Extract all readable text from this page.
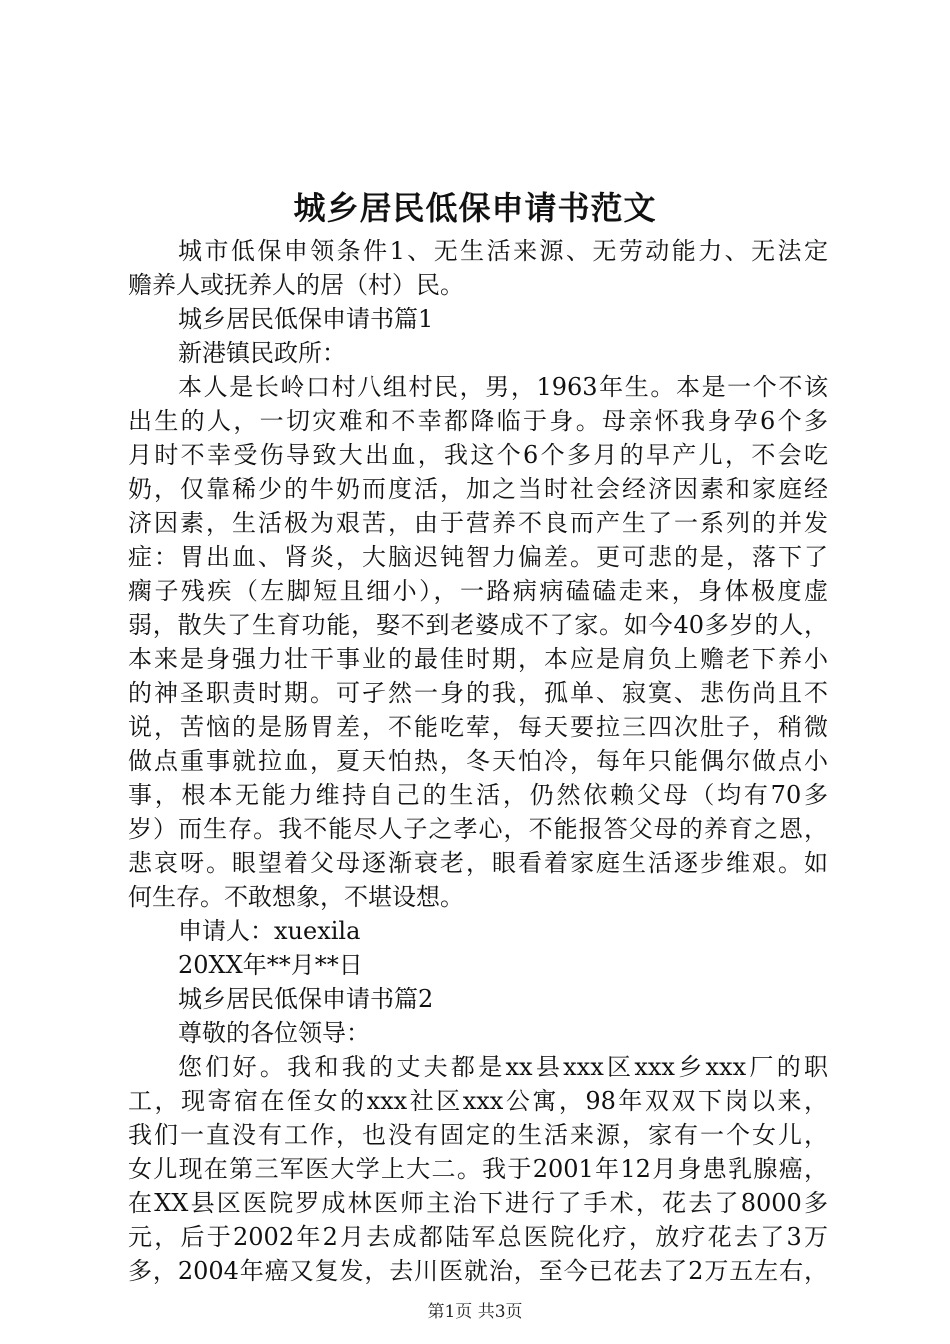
城乡居民低保申请书范文

城市低保申领条件1、无生活来源、无劳动能力、无法定

赡养人或抚养人的居（村）民。

城乡居民低保申请书篇1

新港镇民政所：

本人是长岭口村八组村民，男，1963年生。本是一个不该

出生的人，一切灾难和不幸都降临于身。母亲怀我身孕6个多

月时不幸受伤导致大出血，我这个6个多月的早产儿，不会吃

奶，仅靠稀少的牛奶而度活，加之当时社会经济因素和家庭经

济因素，生活极为艰苦，由于营养不良而产生了一系列的并发

症：胃出血、肾炎，大脑迟钝智力偏差。更可悲的是，落下了

瘸子残疾（左脚短且细小），一路病病磕磕走来，身体极度虚

弱，散失了生育功能，娶不到老婆成不了家。如今40多岁的人，

本来是身强力壮干事业的最佳时期，本应是肩负上赡老下养小

的神圣职责时期。可孑然一身的我，孤单、寂寞、悲伤尚且不

说，苦恼的是肠胃差，不能吃荤，每天要拉三四次肚子，稍微

做点重事就拉血，夏天怕热，冬天怕冷，每年只能偶尔做点小

事，根本无能力维持自己的生活，仍然依赖父母（均有70多

岁）而生存。我不能尽人子之孝心，不能报答父母的养育之恩，

悲哀呀。眼望着父母逐渐衰老，眼看着家庭生活逐步维艰。如

何生存。不敢想象，不堪设想。

申请人：xuexila

20XX年**月**日

城乡居民低保申请书篇2

尊敬的各位领导：

您们好。我和我的丈夫都是xx县xxx区xxx乡xxx厂的职

工，现寄宿在侄女的xxx社区xxx公寓，98年双双下岗以来，

我们一直没有工作，也没有固定的生活来源，家有一个女儿，

女儿现在第三军医大学上大二。我于2001年12月身患乳腺癌，

在XX县区医院罗成林医师主治下进行了手术，花去了8000多

元，后于2002年2月去成都陆军总医院化疗，放疗花去了3万

多，2004年癌又复发，去川医就治，至今已花去了2万五左右，

第1页 共3页
